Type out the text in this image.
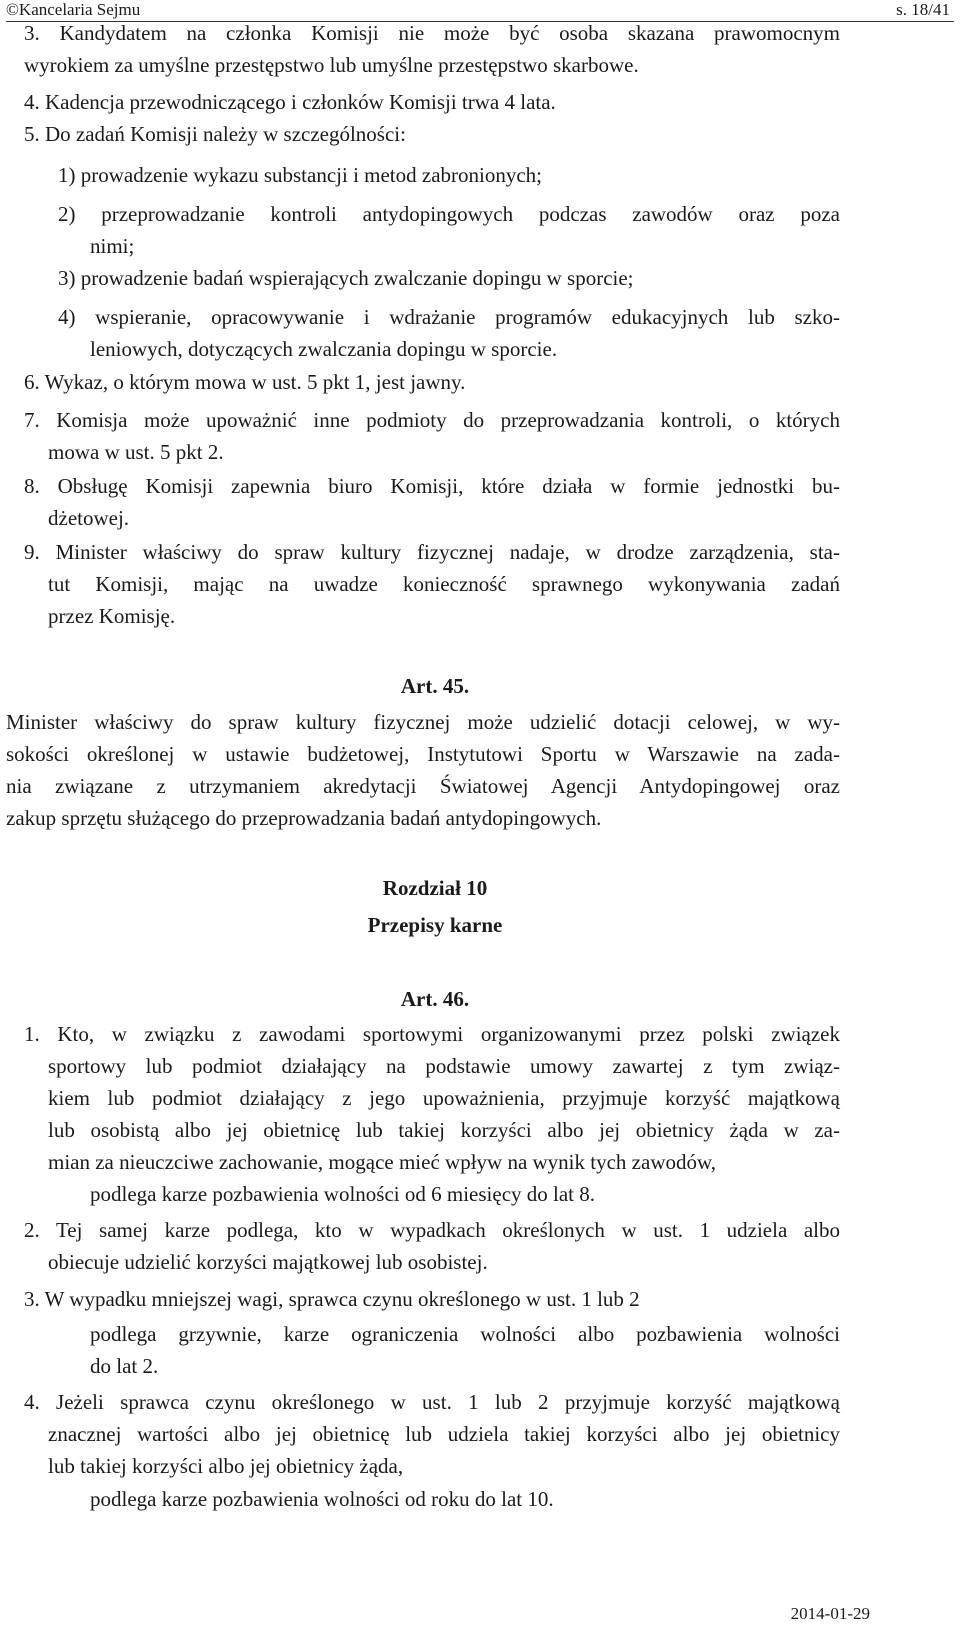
©Kancelaria Sejmu	s. 18/41
3. Kandydatem na członka Komisji nie może być osoba skazana prawomocnym
wyrokiem za umyślne przestępstwo lub umyślne przestępstwo skarbowe.
4. Kadencja przewodniczącego i członków Komisji trwa 4 lata.
5. Do zadań Komisji należy w szczególności:
1) prowadzenie wykazu substancji i metod zabronionych;
2) przeprowadzanie kontroli antydopingowych podczas zawodów oraz poza
nimi;
3) prowadzenie badań wspierających zwalczanie dopingu w sporcie;
4) wspieranie, opracowywanie i wdrażanie programów edukacyjnych lub szko-
leniowych, dotyczących zwalczania dopingu w sporcie.
6. Wykaz, o którym mowa w ust. 5 pkt 1, jest jawny.
7. Komisja może upoważnić inne podmioty do przeprowadzania kontroli, o których
mowa w ust. 5 pkt 2.
8. Obsługę Komisji zapewnia biuro Komisji, które działa w formie jednostki bu-
dżetowej.
9. Minister właściwy do spraw kultury fizycznej nadaje, w drodze zarządzenia, sta-
tut Komisji, mając na uwadze konieczność sprawnego wykonywania zadań
przez Komisję.
Art. 45.
Minister właściwy do spraw kultury fizycznej może udzielić dotacji celowej, w wy-
sokości określonej w ustawie budżetowej, Instytutowi Sportu w Warszawie na zada-
nia związane z utrzymaniem akredytacji Światowej Agencji Antydopingowej oraz
zakup sprzętu służącego do przeprowadzania badań antydopingowych.
Rozdział 10
Przepisy karne
Art. 46.
1. Kto, w związku z zawodami sportowymi organizowanymi przez polski związek
sportowy lub podmiot działający na podstawie umowy zawartej z tym związ-
kiem lub podmiot działający z jego upoważnienia, przyjmuje korzyść majątkową
lub osobistą albo jej obietnicę lub takiej korzyści albo jej obietnicy żąda w za-
mian za nieuczciwe zachowanie, mogące mieć wpływ na wynik tych zawodów,
podlega karze pozbawienia wolności od 6 miesięcy do lat 8.
2. Tej samej karze podlega, kto w wypadkach określonych w ust. 1 udziela albo
obiecuje udzielić korzyści majątkowej lub osobistej.
3. W wypadku mniejszej wagi, sprawca czynu określonego w ust. 1 lub 2
podlega grzywnie, karze ograniczenia wolności albo pozbawienia wolności
do lat 2.
4. Jeżeli sprawca czynu określonego w ust. 1 lub 2 przyjmuje korzyść majątkową
znacznej wartości albo jej obietnicę lub udziela takiej korzyści albo jej obietnicy
lub takiej korzyści albo jej obietnicy żąda,
podlega karze pozbawienia wolności od roku do lat 10.
2014-01-29
